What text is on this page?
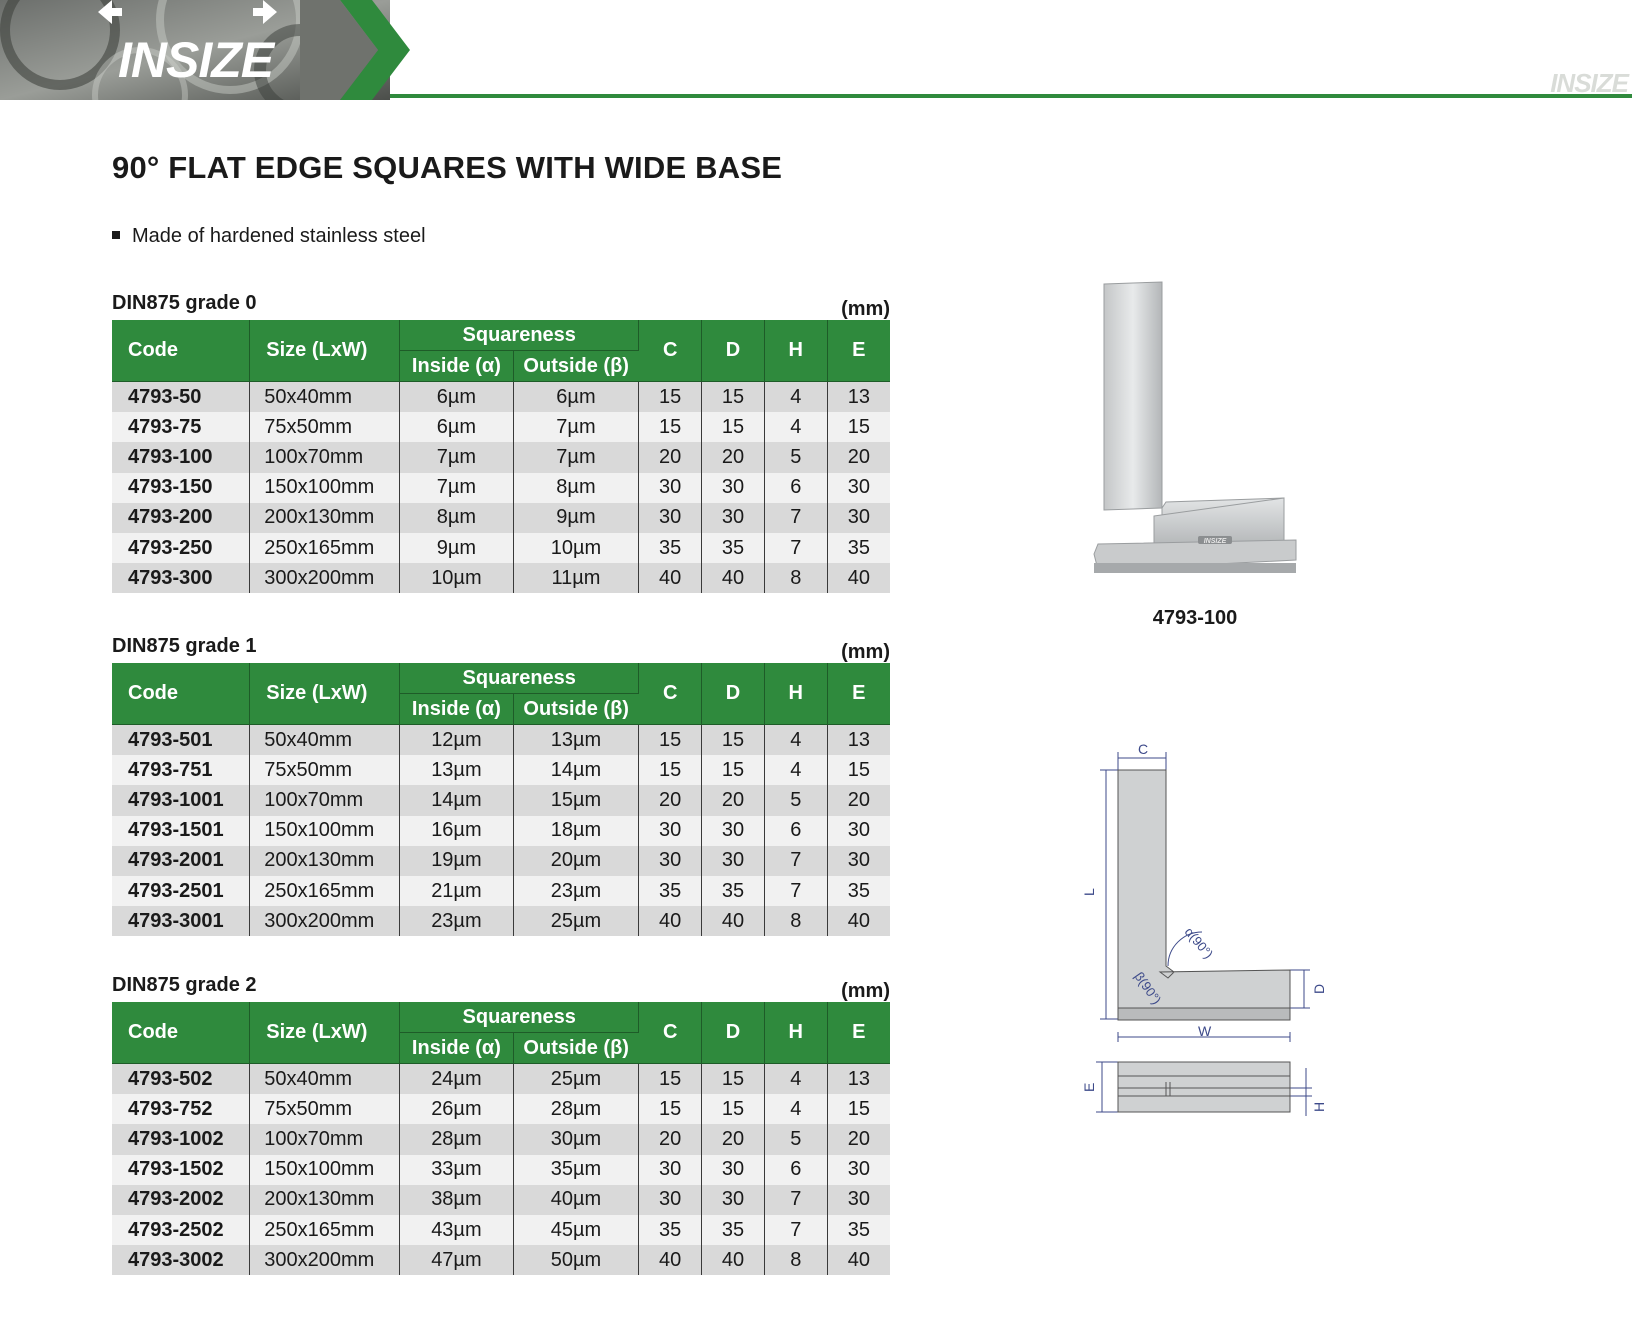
INSIZE	INSIZE
90° FLAT EDGE SQUARES WITH WIDE BASE
Made of hardened stainless steel
DIN875 grade 0	(mm)
Code	Size (LxW)	Squareness		C	D	H	E
		Inside (α)	Outside (β)				
4793-50	50x40mm	6µm	6µm	15	15	4	13
4793-75	75x50mm	6µm	7µm	15	15	4	15
4793-100	100x70mm	7µm	7µm	20	20	5	20
4793-150	150x100mm	7µm	8µm	30	30	6	30
4793-200	200x130mm	8µm	9µm	30	30	7	30
4793-250	250x165mm	9µm	10µm	35	35	7	35
4793-300	300x200mm	10µm	11µm	40	40	8	40
DIN875 grade 1	(mm)
Code	Size (LxW)	Squareness		C	D	H	E
		Inside (α)	Outside (β)				
4793-501	50x40mm	12µm	13µm	15	15	4	13
4793-751	75x50mm	13µm	14µm	15	15	4	15
4793-1001	100x70mm	14µm	15µm	20	20	5	20
4793-1501	150x100mm	16µm	18µm	30	30	6	30
4793-2001	200x130mm	19µm	20µm	30	30	7	30
4793-2501	250x165mm	21µm	23µm	35	35	7	35
4793-3001	300x200mm	23µm	25µm	40	40	8	40
DIN875 grade 2	(mm)
Code	Size (LxW)	Squareness		C	D	H	E
		Inside (α)	Outside (β)				
4793-502	50x40mm	24µm	25µm	15	15	4	13
4793-752	75x50mm	26µm	28µm	15	15	4	15
4793-1002	100x70mm	28µm	30µm	20	20	5	20
4793-1502	150x100mm	33µm	35µm	30	30	6	30
4793-2002	200x130mm	38µm	40µm	30	30	7	30
4793-2502	250x165mm	43µm	45µm	35	35	7	35
4793-3002	300x200mm	47µm	50µm	40	40	8	40
INSIZE
4793-100
C
L
W
D
E
H
α(90°)
β(90°)
